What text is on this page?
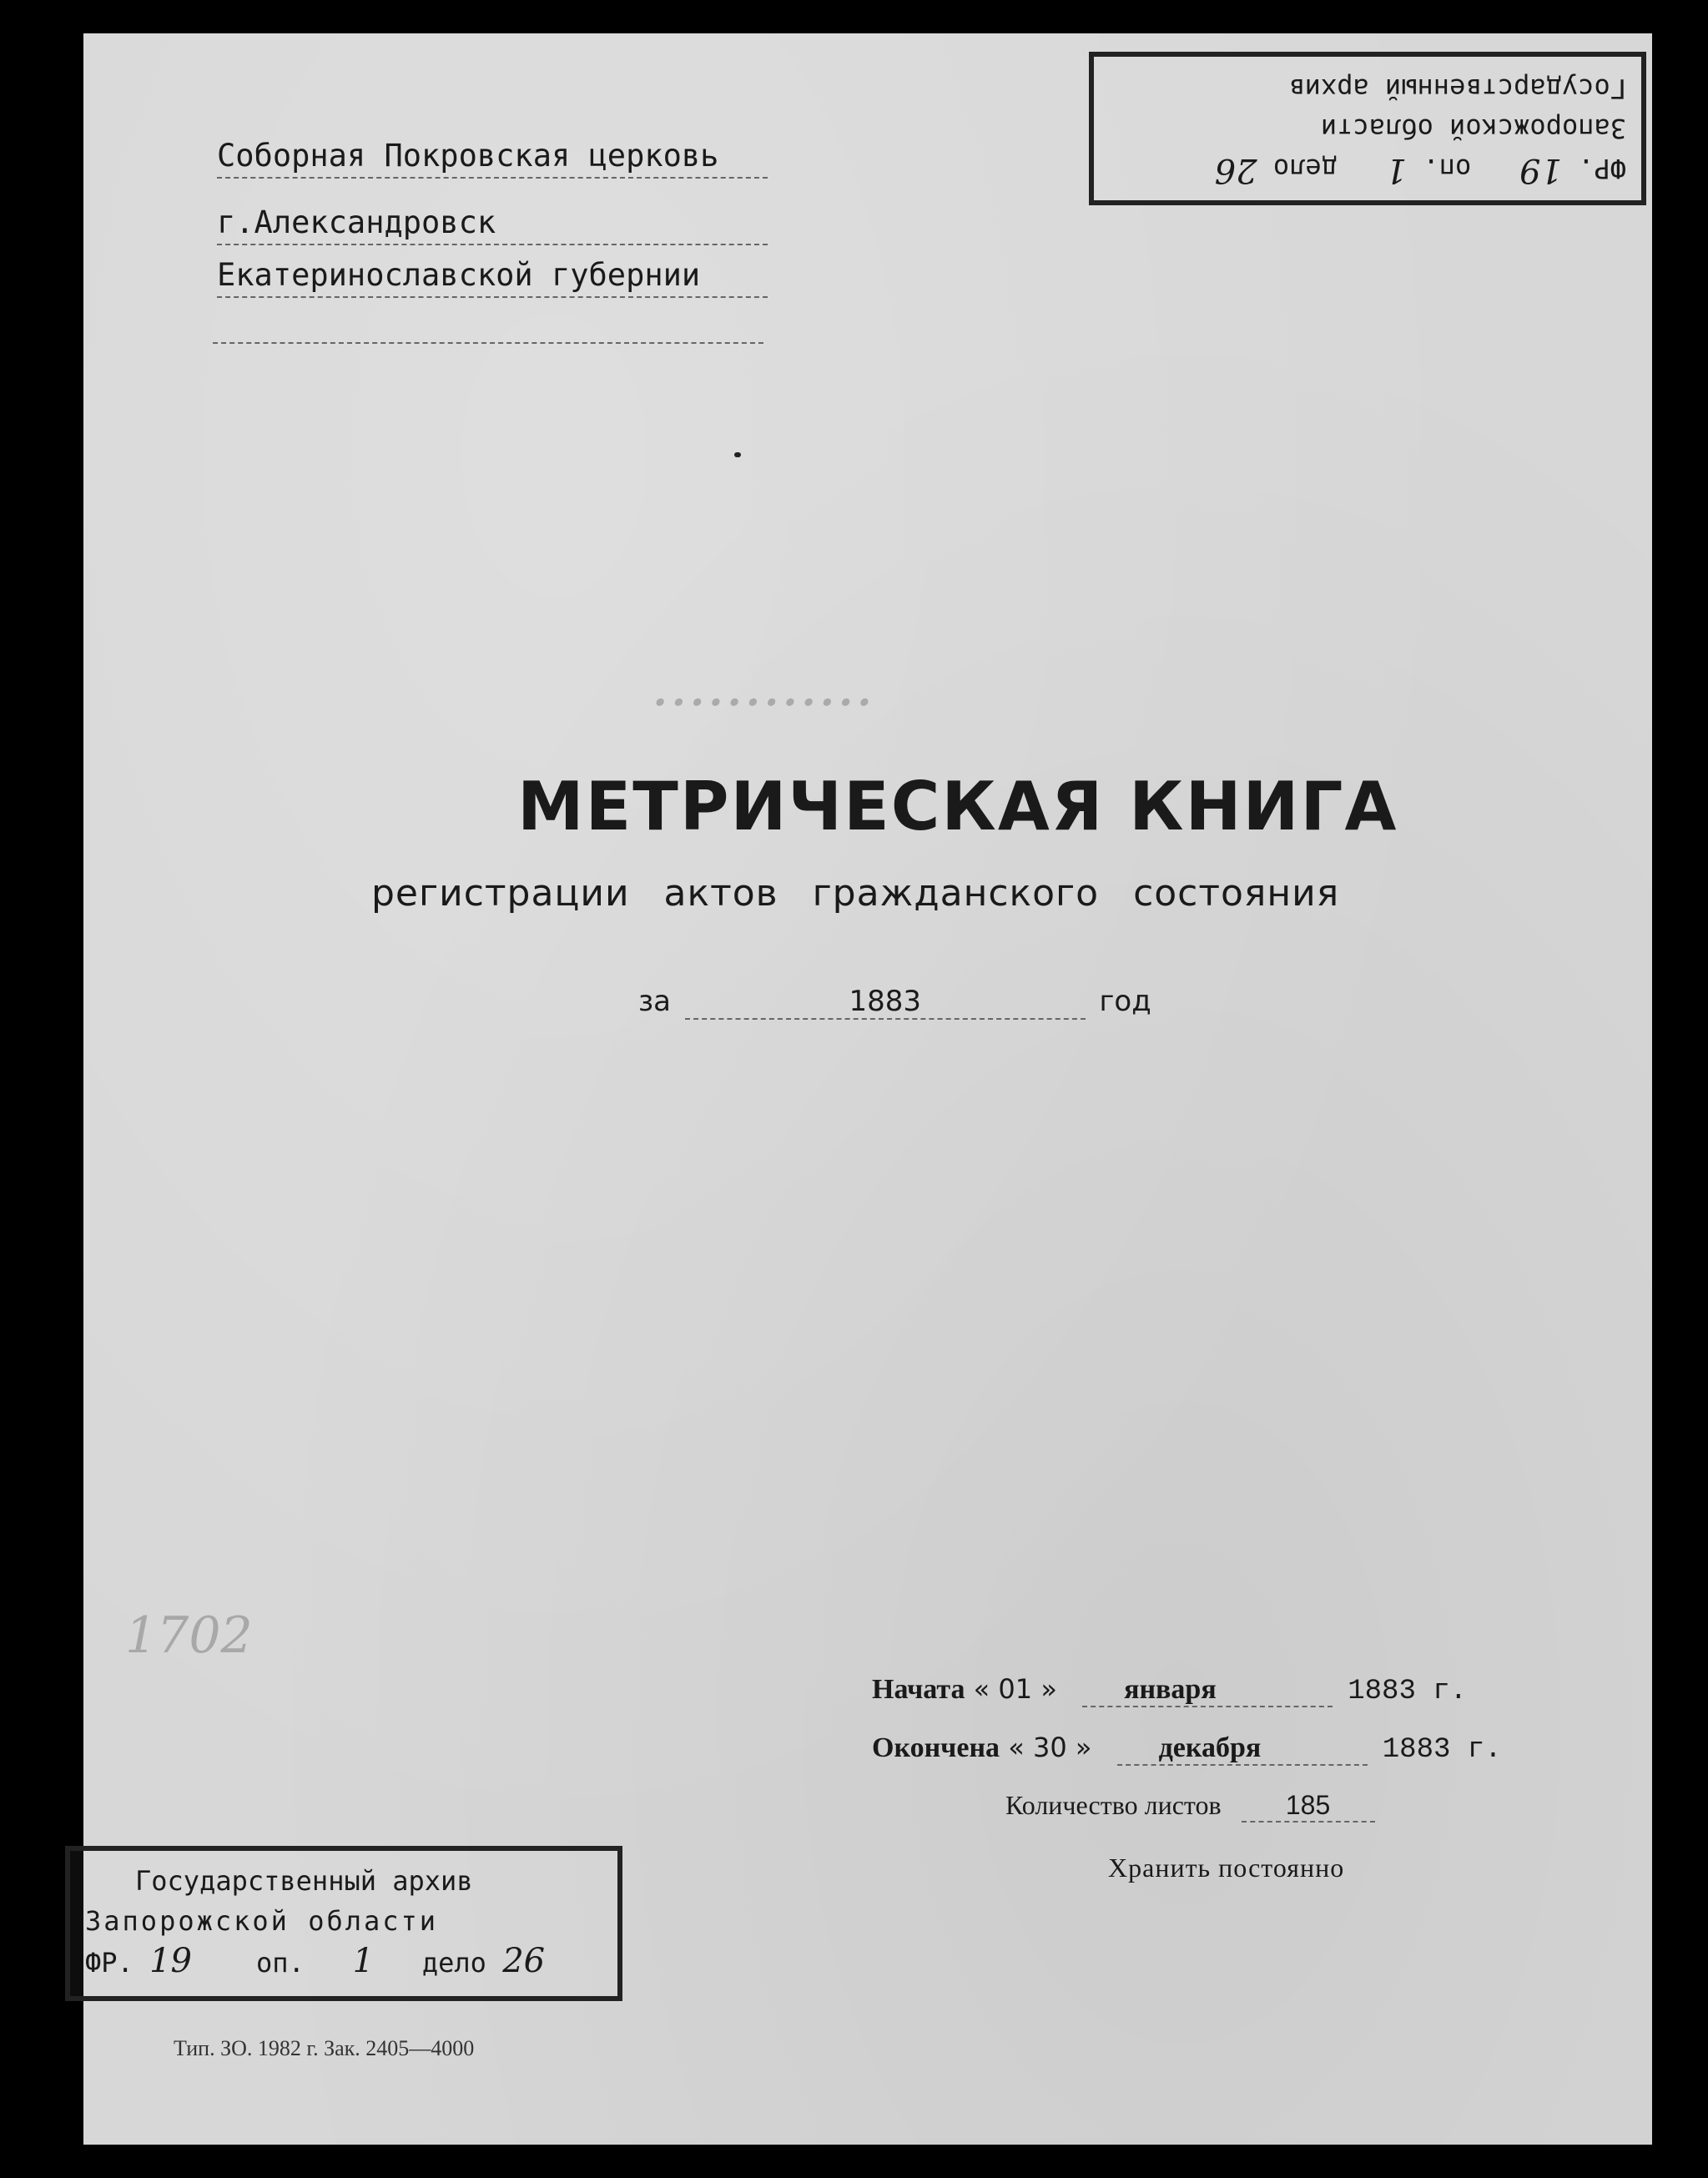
ФР. 19   оп. 1   дело 26
Запорожской области
Государственный архив
Соборная Покровская церковь
г.Александровск
Екатеринославской губернии
............
1702
МЕТРИЧЕСКАЯ КНИГА
регистрации актов гражданского состояния
за	1883	год
Начата « 01 » января	1883 г.
Окончена « 30 » декабря	1883 г.
Количество листов 185
Хранить постоянно
Государственный архив
Запорожской области
ФР. 19 оп. 1 дело 26
Тип. ЗО. 1982 г. Зак. 2405—4000
